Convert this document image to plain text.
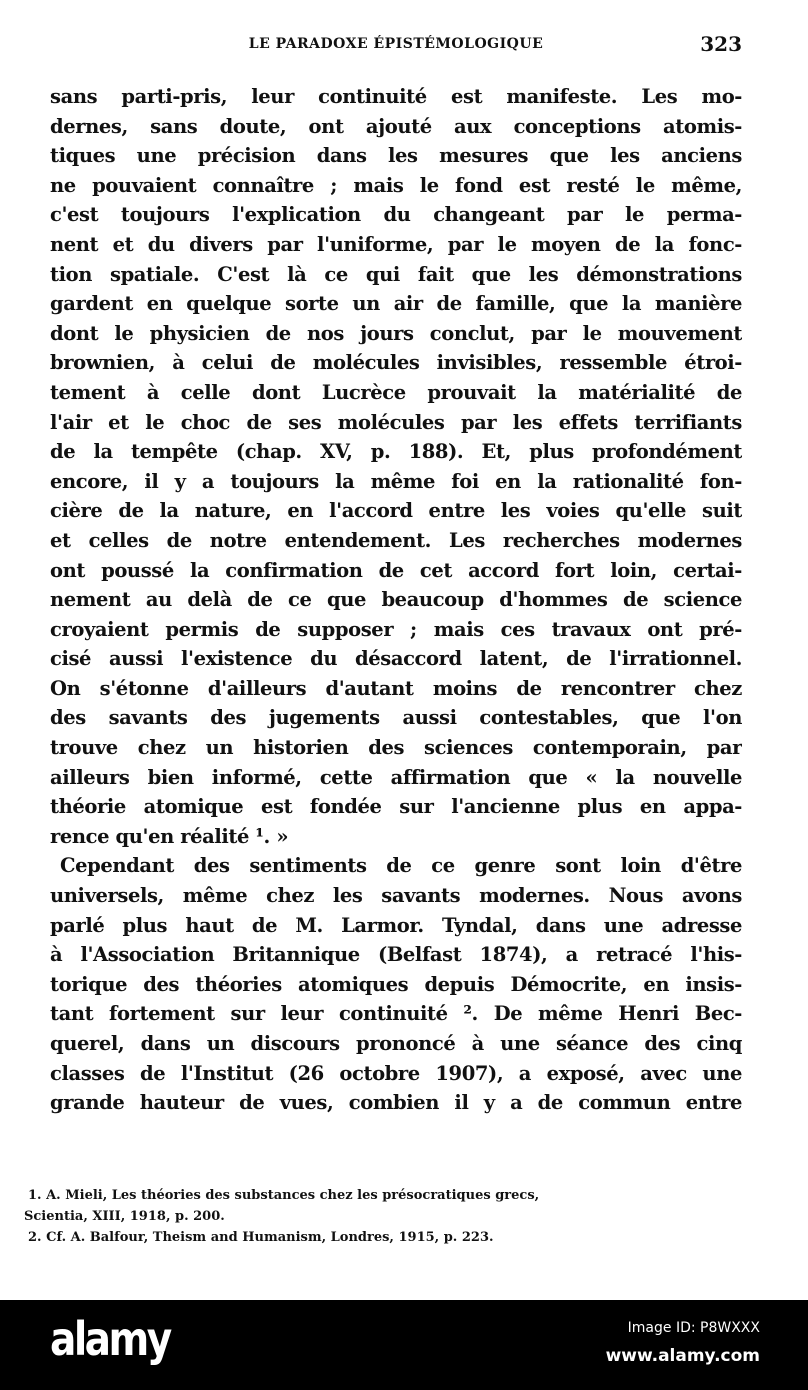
LE PARADOXE ÉPISTÉMOLOGIQUE	323
sans parti-pris, leur continuité est manifeste. Les mo-
dernes, sans doute, ont ajouté aux conceptions atomis-
tiques une précision dans les mesures que les anciens
ne pouvaient connaître ; mais le fond est resté le même,
c'est toujours l'explication du changeant par le perma-
nent et du divers par l'uniforme, par le moyen de la fonc-
tion spatiale. C'est là ce qui fait que les démonstrations
gardent en quelque sorte un air de famille, que la manière
dont le physicien de nos jours conclut, par le mouvement
brownien, à celui de molécules invisibles, ressemble étroi-
tement à celle dont Lucrèce prouvait la matérialité de
l'air et le choc de ses molécules par les effets terrifiants
de la tempête (chap. XV, p. 188). Et, plus profondément
encore, il y a toujours la même foi en la rationalité fon-
cière de la nature, en l'accord entre les voies qu'elle suit
et celles de notre entendement. Les recherches modernes
ont poussé la confirmation de cet accord fort loin, certai-
nement au delà de ce que beaucoup d'hommes de science
croyaient permis de supposer ; mais ces travaux ont pré-
cisé aussi l'existence du désaccord latent, de l'irrationnel.
On s'étonne d'ailleurs d'autant moins de rencontrer chez
des savants des jugements aussi contestables, que l'on
trouve chez un historien des sciences contemporain, par
ailleurs bien informé, cette affirmation que « la nouvelle
théorie atomique est fondée sur l'ancienne plus en appa-
rence qu'en réalité ¹. »
Cependant des sentiments de ce genre sont loin d'être
universels, même chez les savants modernes. Nous avons
parlé plus haut de M. Larmor. Tyndal, dans une adresse
à l'Association Britannique (Belfast 1874), a retracé l'his-
torique des théories atomiques depuis Démocrite, en insis-
tant fortement sur leur continuité ². De même Henri Bec-
querel, dans un discours prononcé à une séance des cinq
classes de l'Institut (26 octobre 1907), a exposé, avec une
grande hauteur de vues, combien il y a de commun entre
1. A. Mieli, Les théories des substances chez les présocratiques grecs,
Scientia, XIII, 1918, p. 200.
2. Cf. A. Balfour, Theism and Humanism, Londres, 1915, p. 223.
alamy	Image ID: P8WXXX
www.alamy.com
